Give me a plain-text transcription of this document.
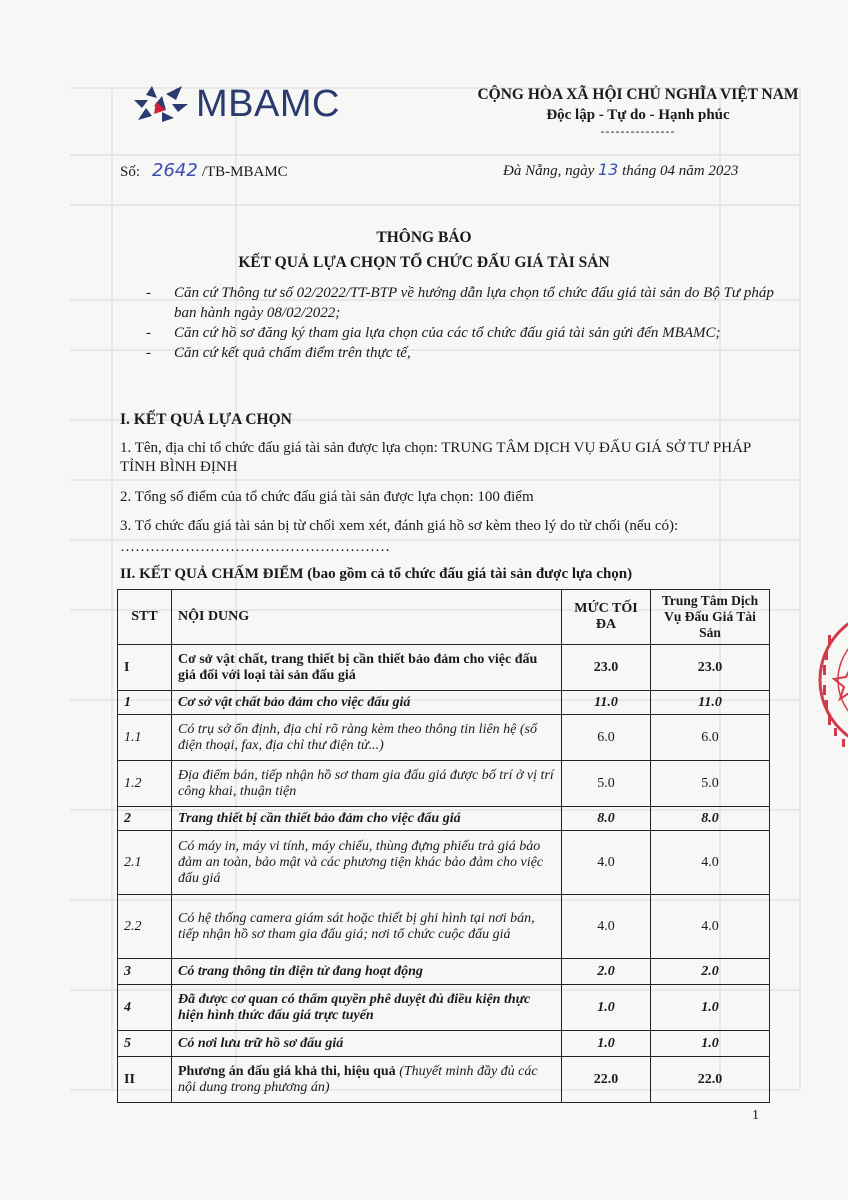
MBAMC	CỘNG HÒA XÃ HỘI CHỦ NGHĨA VIỆT NAM
Độc lập - Tự do - Hạnh phúc
---------------
Số: 2642 /TB-MBAMC	Đà Nẵng, ngày 13 tháng 04 năm 2023
THÔNG BÁO
KẾT QUẢ LỰA CHỌN TỔ CHỨC ĐẤU GIÁ TÀI SẢN
- Căn cứ Thông tư số 02/2022/TT-BTP về hướng dẫn lựa chọn tổ chức đấu giá tài sản do Bộ Tư pháp ban hành ngày 08/02/2022;
- Căn cứ hồ sơ đăng ký tham gia lựa chọn của các tổ chức đấu giá tài sản gửi đến MBAMC;
- Căn cứ kết quả chấm điểm trên thực tế,
I. KẾT QUẢ LỰA CHỌN
1. Tên, địa chỉ tổ chức đấu giá tài sản được lựa chọn: TRUNG TÂM DỊCH VỤ ĐẤU GIÁ SỞ TƯ PHÁP TỈNH BÌNH ĐỊNH
2. Tổng số điểm của tổ chức đấu giá tài sản được lựa chọn: 100 điểm
3. Tổ chức đấu giá tài sản bị từ chối xem xét, đánh giá hồ sơ kèm theo lý do từ chối (nếu có): ………………………………………………
II. KẾT QUẢ CHẤM ĐIỂM (bao gồm cả tổ chức đấu giá tài sản được lựa chọn)
STT	NỘI DUNG	MỨC TỐI ĐA	Trung Tâm Dịch Vụ Đấu Giá Tài Sản
I	Cơ sở vật chất, trang thiết bị cần thiết bảo đảm cho việc đấu giá đối với loại tài sản đấu giá	23.0	23.0
1	Cơ sở vật chất bảo đảm cho việc đấu giá	11.0	11.0
1.1	Có trụ sở ổn định, địa chỉ rõ ràng kèm theo thông tin liên hệ (số điện thoại, fax, địa chỉ thư điện tử...)	6.0	6.0
1.2	Địa điểm bán, tiếp nhận hồ sơ tham gia đấu giá được bố trí ở vị trí công khai, thuận tiện	5.0	5.0
2	Trang thiết bị cần thiết bảo đảm cho việc đấu giá	8.0	8.0
2.1	Có máy in, máy vi tính, máy chiếu, thùng đựng phiếu trả giá bảo đảm an toàn, bảo mật và các phương tiện khác bảo đảm cho việc đấu giá	4.0	4.0
2.2	Có hệ thống camera giám sát hoặc thiết bị ghi hình tại nơi bán, tiếp nhận hồ sơ tham gia đấu giá; nơi tổ chức cuộc đấu giá	4.0	4.0
3	Có trang thông tin điện tử đang hoạt động	2.0	2.0
4	Đã được cơ quan có thẩm quyền phê duyệt đủ điều kiện thực hiện hình thức đấu giá trực tuyến	1.0	1.0
5	Có nơi lưu trữ hồ sơ đấu giá	1.0	1.0
II	Phương án đấu giá khả thi, hiệu quả (Thuyết minh đầy đủ các nội dung trong phương án)	22.0	22.0
1
